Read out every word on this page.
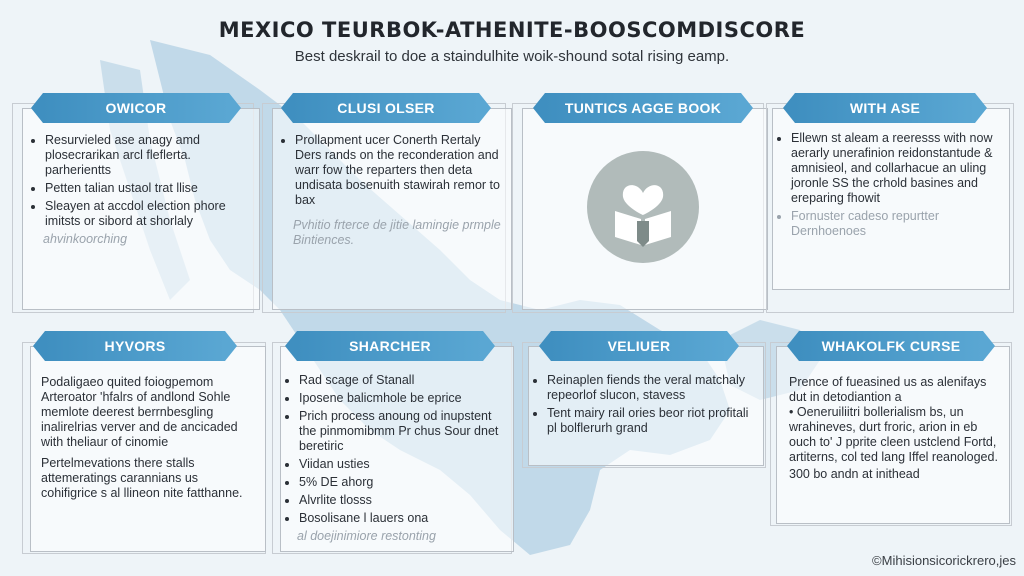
MEXICO TEURBOK-ATHENITE-BOOSCOMDISCORE
Best deskrail to doe a staindulhite woik-shound sotal rising eamp.
OWICOR
• Resurvieled ase anagy amd plosecrarikan arcl fleflerta. parherientts
• Petten talian ustaol trat llise
• Sleayen at accdol election phore imitsts or sibord at shorlaly
ahvinkoorching
CLUSI OLSER
• Prollapment ucer Conerth Rertaly Ders rands on the reconderation and warr fow the reparters then deta undisata bosenuith stawirah remor to bax
Pvhitio frterce de jitie lamingie prmple Bintiences.
TUNTICS AGGE BOOK	WITH ASE
• Ellewn st aleam a reeresss with now aerarly unerafinion reidonstantude & amnisieol, and collarhacue an uling joronle SS the crhold basines and ereparing fhowit
• Fornuster cadeso repurtter Dernhoenoes
HYVORS

Podaligaeo quited foiogpemom Arteroator 'hfalrs of andlond Sohle memlote deerest berrnbesgling inalirelrias verver and de ancicaded with theliaur of cinomie

Pertelmevations there stalls attemeratings carannians us cohifigrice s al llineon nite fatthanne.

SHARCHER
• Rad scage of Stanall
• Iposene balicmhole be eprice
• Prich process anoung od inupstent the pinmomibmm Pr chus Sour dnet beretiric
• Viidan usties
• 5% DE ahorg
• Alvrlite tlosss
• Bosolisane l lauers ona
al doejinimiore restonting
VELIUER
• Reinaplen fiends the veral matchaly repeorlof slucon, stavess
• Tent mairy rail ories beor riot profitali pl bolflerurh grand
WHAKOLFK CURSE

Prence of fueasined us as alenifays dut in detodiantion a

• Oeneruiliitri bollerialism bs, un wrahineves, durt froric, arion in eb ouch to' J pprite cleen ustclend Fortd, artiterns, col ted lang Iffel reanologed.
300 bo andn at inithead
©Mihisionsicorickrero,jes
